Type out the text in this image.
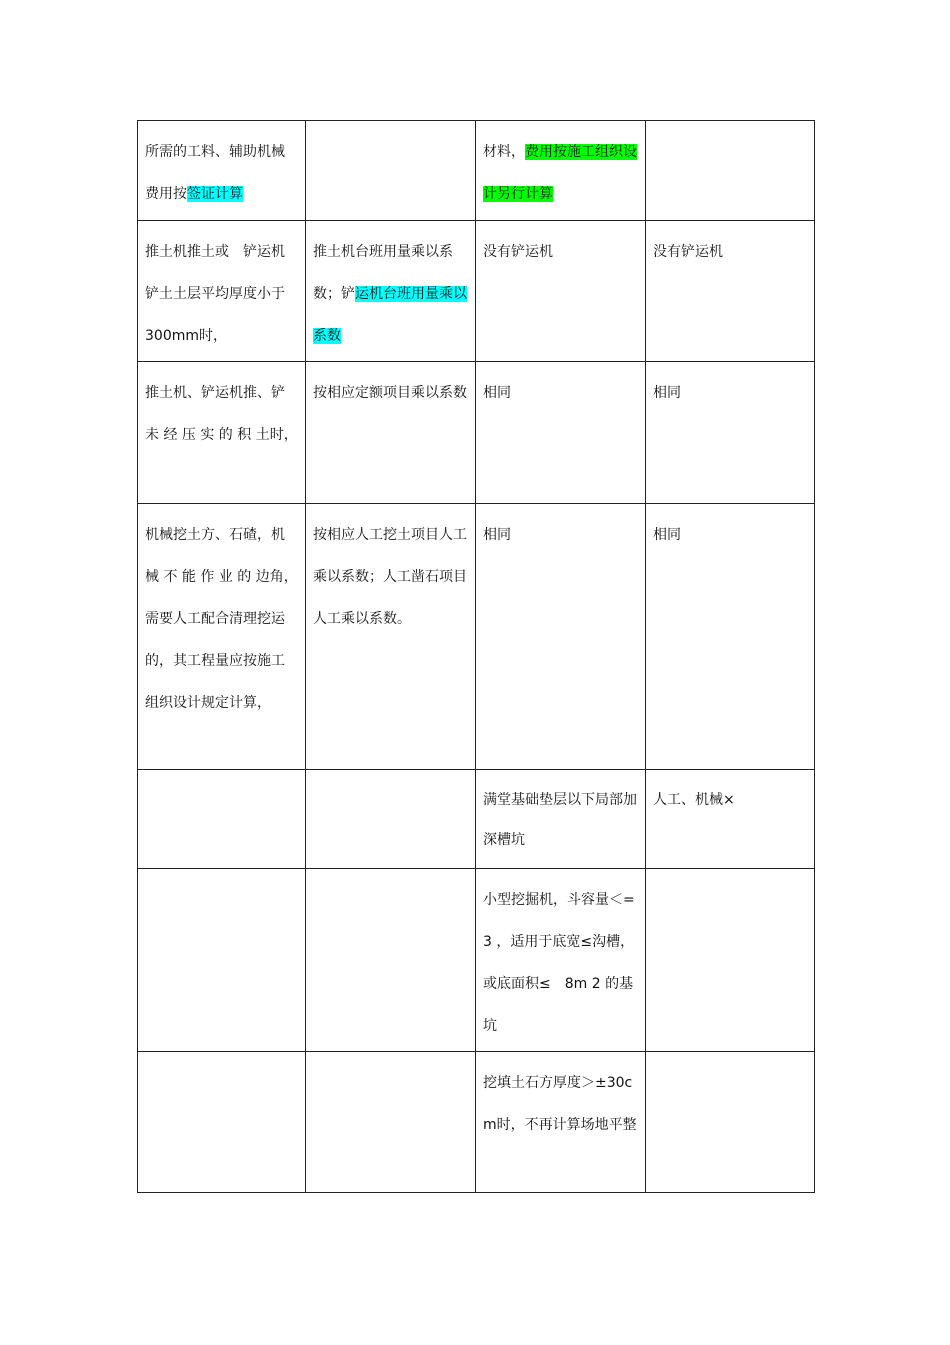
所需的工料、辅助机械费用按签证计算		材料，费用按施工组织设计另行计算	
推土机推土或　铲运机　铲土土层平均厚度小于　300mm时，	推土机台班用量乘以系数；铲运机台班用量乘以系数	没有铲运机	没有铲运机
推土机、铲运机推、铲 未 经 压 实 的 积 土时，	按相应定额项目乘以系数	相同	相同
机械挖土方、石碴，机 械 不 能 作 业 的 边角，需要人工配合清理挖运的，其工程量应按施工组织设计规定计算，	按相应人工挖土项目人工乘以系数；人工凿石项目人工乘以系数。	相同	相同
		满堂基础垫层以下局部加深槽坑	人工、机械×
		小型挖掘机，斗容量＜=3 ，适用于底宽≤沟槽，或底面积≤　8m 2 的基坑	
		挖填土石方厚度＞±30cm时，不再计算场地平整	
